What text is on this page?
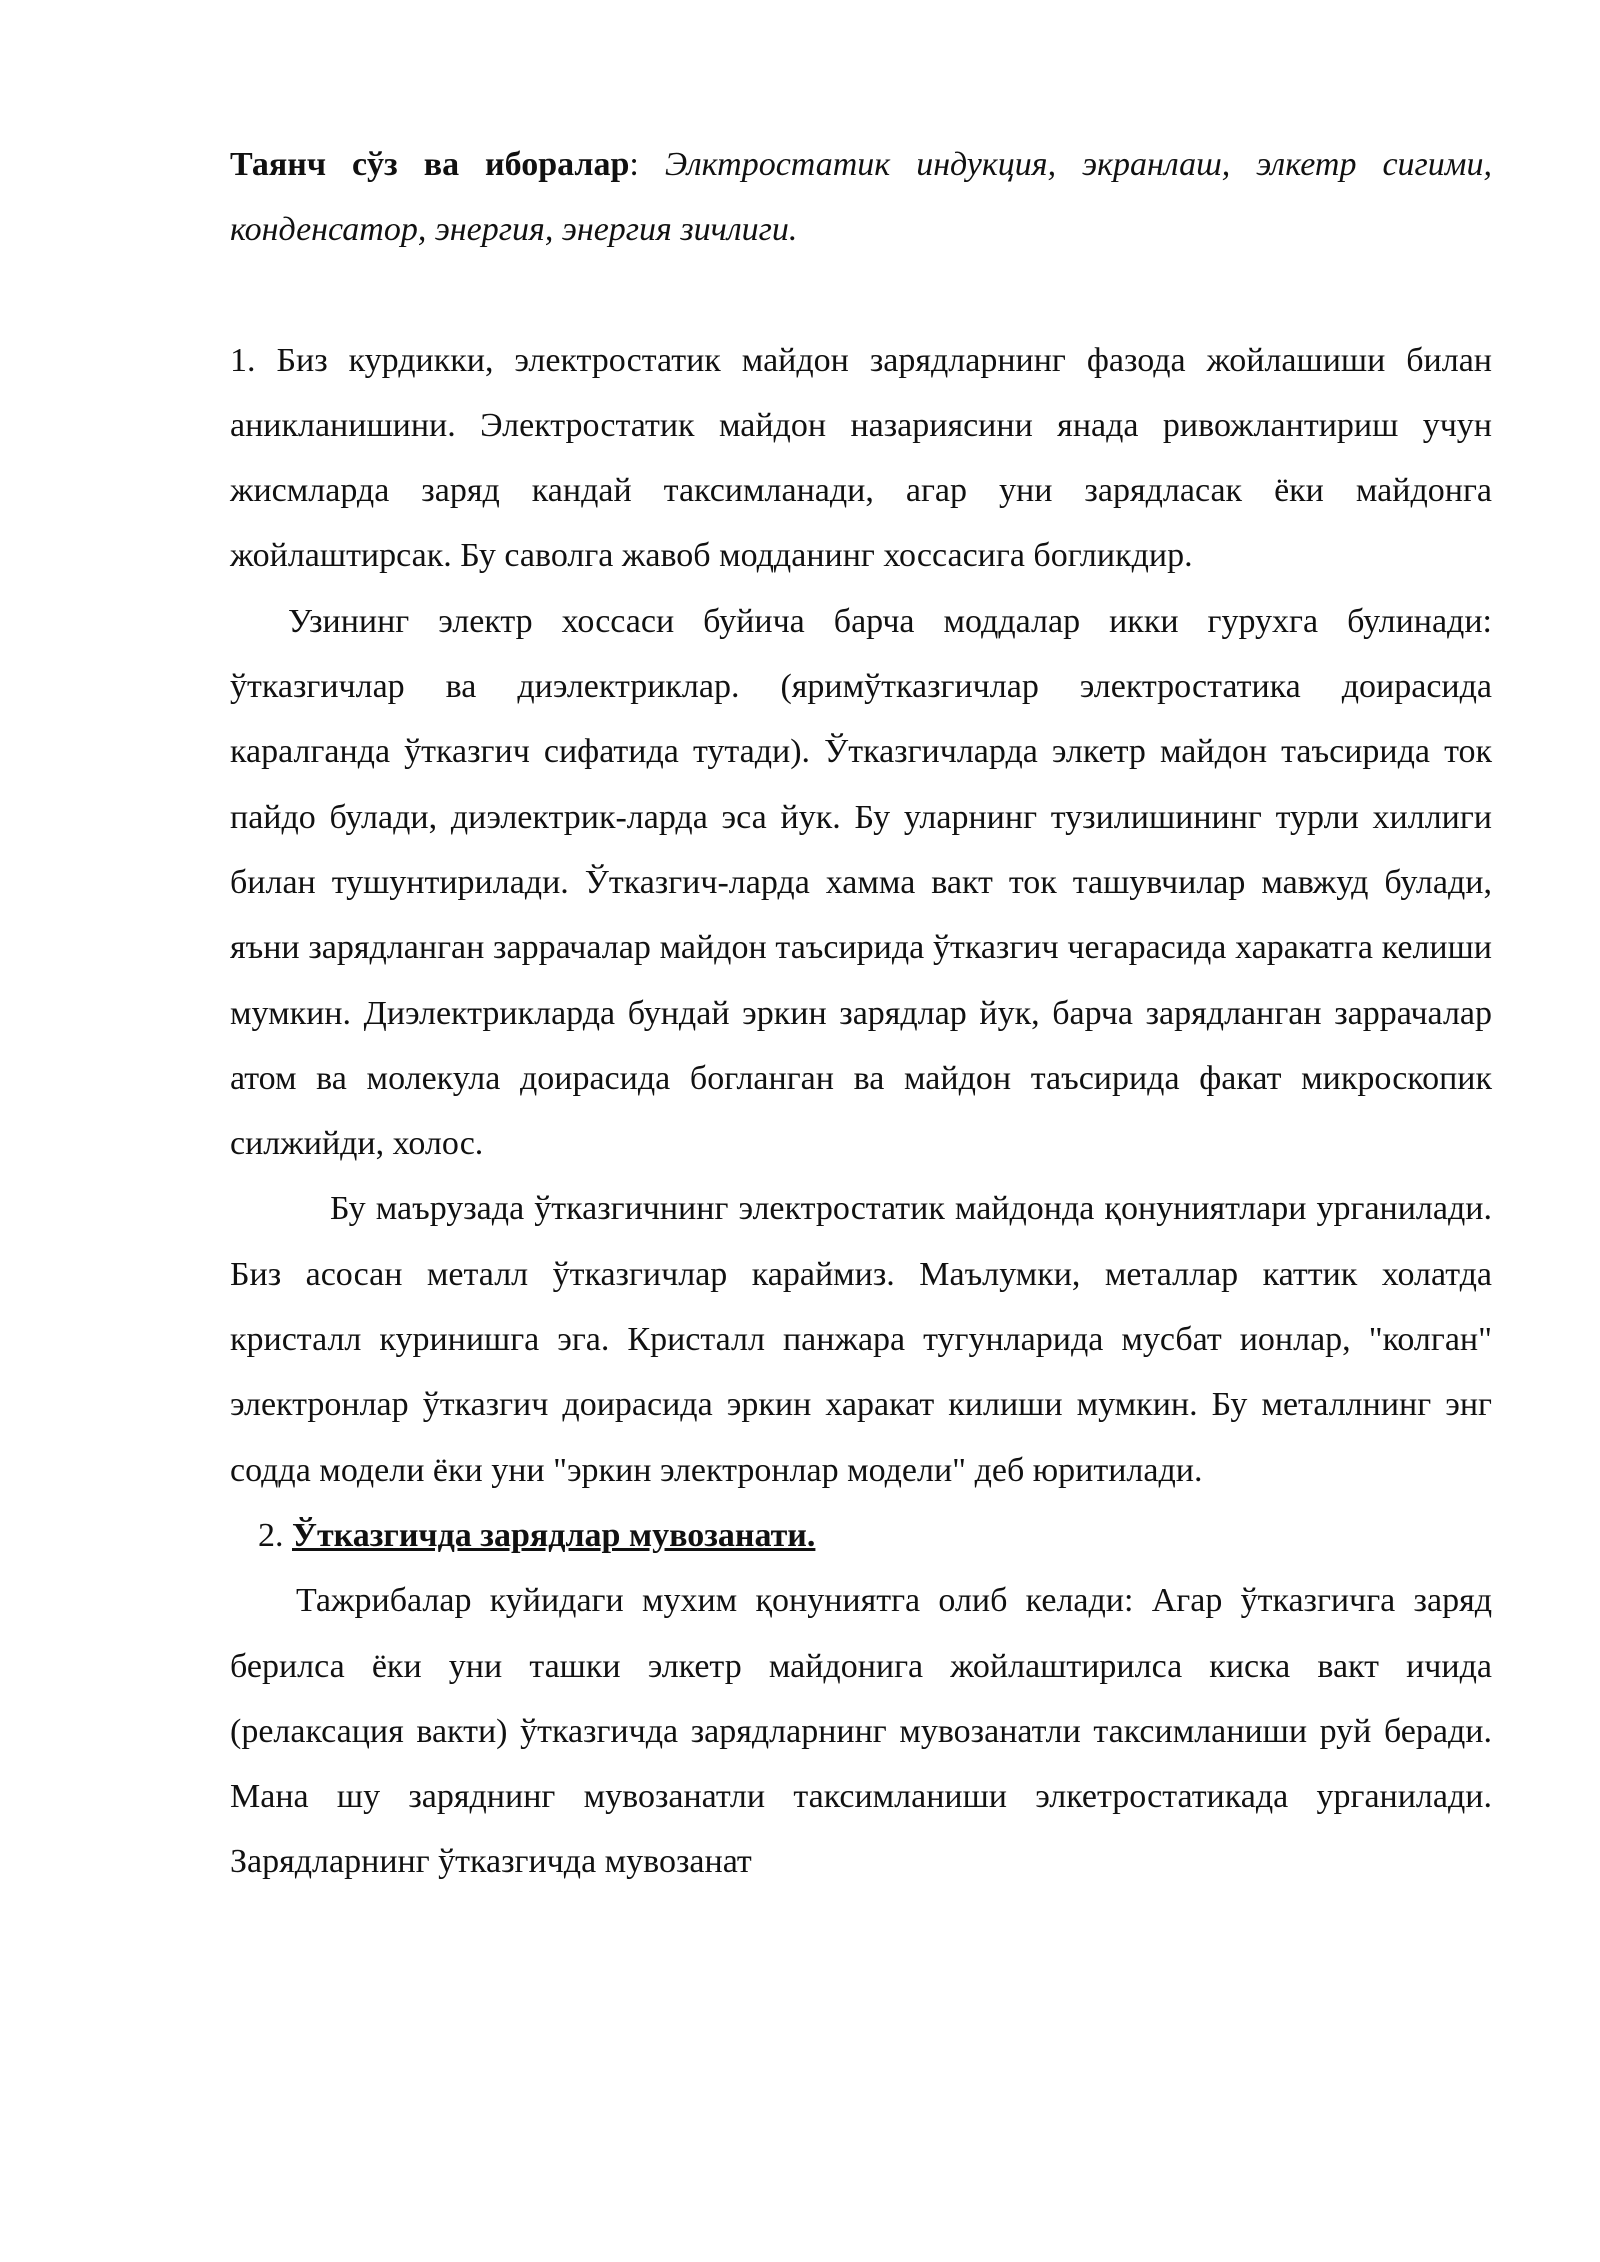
Таянч сўз ва иборалар: Элктростатик индукция, экранлаш, элкетр сигими, конденсатор, энергия, энергия зичлиги.

1. Биз курдикки, электростатик майдон зарядларнинг фазода жойлашиши билан аникланишини. Электростатик майдон назариясини янада ривожлантириш учун жисмларда заряд кандай таксимланади, агар уни зарядласак ёки майдонга жойлаштирсак. Бу саволга жавоб модданинг хоссасига богликдир.

Узининг электр хоссаси буйича барча моддалар икки гурухга булинади: ўтказгичлар ва диэлектриклар. (яримўтказгичлар электростатика доирасида каралганда ўтказгич сифатида тутади). Ўтказгичларда элкетр майдон таъсирида ток пайдо булади, диэлектрик-ларда эса йук. Бу уларнинг тузилишининг турли хиллиги билан тушунтирилади. Ўтказгич-ларда хамма вакт ток ташувчилар мавжуд булади, яъни зарядланган заррачалар майдон таъсирида ўтказгич чегарасида харакатга келиши мумкин. Диэлектрикларда бундай эркин зарядлар йук, барча зарядланган заррачалар атом ва молекула доирасида богланган ва майдон таъсирида факат микроскопик силжийди, холос.

Бу маърузада ўтказгичнинг электростатик майдонда қонуниятлари урганилади. Биз асосан металл ўтказгичлар караймиз. Маълумки, металлар каттик холатда кристалл куринишга эга. Кристалл панжара тугунларида мусбат ионлар, "колган" электронлар ўтказгич доирасида эркин харакат килиши мумкин. Бу металлнинг энг содда модели ёки уни "эркин электронлар модели" деб юритилади.

2. Ўтказгичда зарядлар мувозанати.

Тажрибалар куйидаги мухим қонуниятга олиб келади: Агар ўтказгичга заряд берилса ёки уни ташки элкетр майдонига жойлаштирилса киска вакт ичида (релаксация вакти) ўтказгичда зарядларнинг мувозанатли таксимланиши руй беради. Мана шу заряднинг мувозанатли таксимланиши элкетростатикада урганилади. Зарядларнинг ўтказгичда мувозанат
